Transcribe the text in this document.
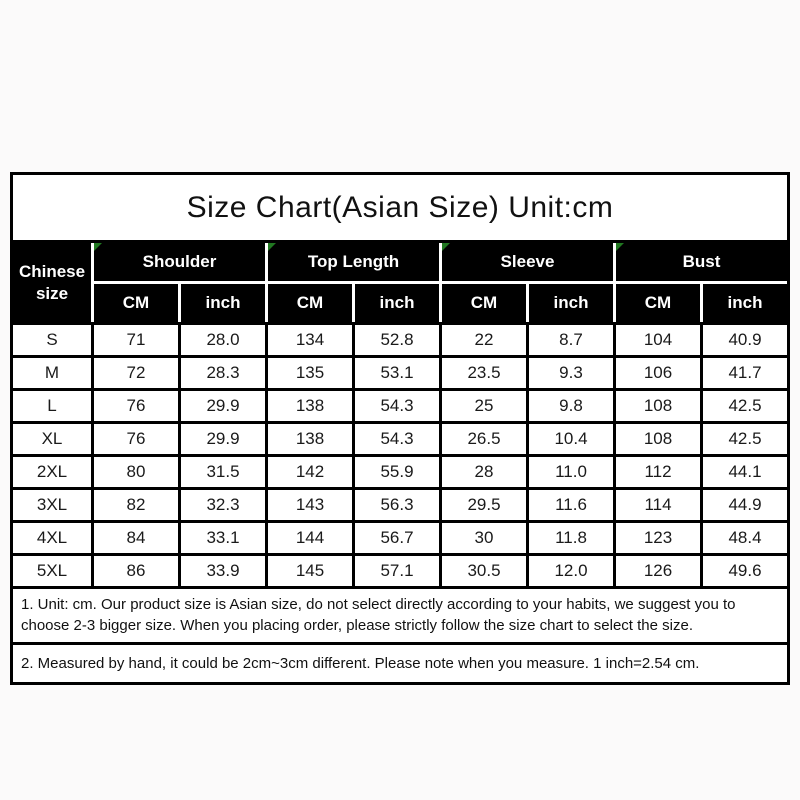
Size Chart(Asian Size) Unit:cm
Chinese size
Shoulder	Top Length	Sleeve	Bust
CM	inch	CM	inch	CM	inch	CM	inch
S	71	28.0	134	52.8	22	8.7	104	40.9
M	72	28.3	135	53.1	23.5	9.3	106	41.7
L	76	29.9	138	54.3	25	9.8	108	42.5
XL	76	29.9	138	54.3	26.5	10.4	108	42.5
2XL	80	31.5	142	55.9	28	11.0	112	44.1
3XL	82	32.3	143	56.3	29.5	11.6	114	44.9
4XL	84	33.1	144	56.7	30	11.8	123	48.4
5XL	86	33.9	145	57.1	30.5	12.0	126	49.6
1. Unit: cm. Our product size is Asian size, do not select directly according to your habits, we suggest you to choose 2-3 bigger size. When you placing order, please strictly follow the size chart to select the size.
2. Measured by hand, it could be 2cm~3cm different. Please note when you measure. 1 inch=2.54 cm.
